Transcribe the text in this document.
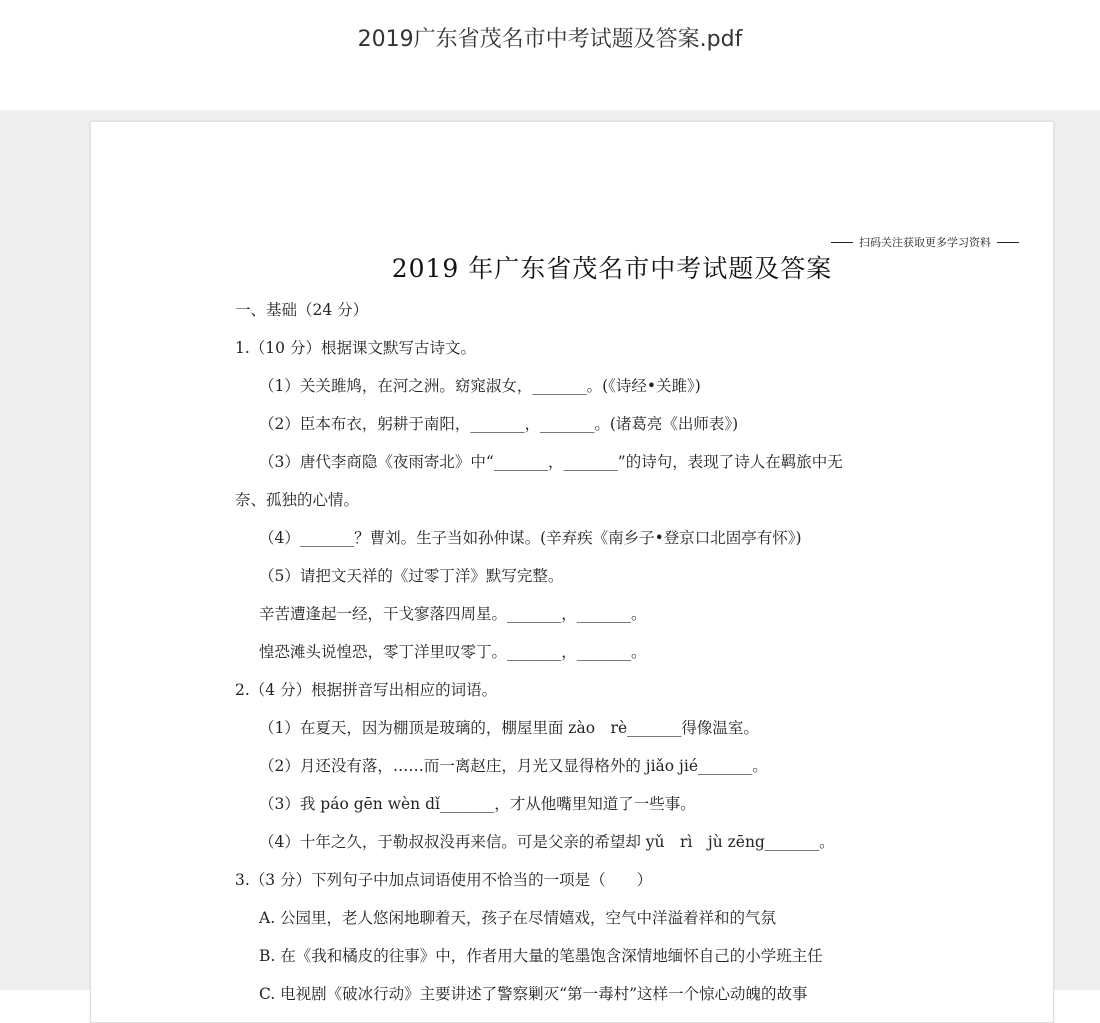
2019广东省茂名市中考试题及答案.pdf
扫码关注获取更多学习资料
2019 年广东省茂名市中考试题及答案
一、基础（24 分）
1.（10 分）根据课文默写古诗文。
（1）关关雎鸠，在河之洲。窈窕淑女，_______。(《诗经•关雎》)
（2）臣本布衣，躬耕于南阳，_______，_______。(诸葛亮《出师表》)
（3）唐代李商隐《夜雨寄北》中“_______，_______”的诗句，表现了诗人在羁旅中无
奈、孤独的心情。
（4）_______？曹刘。生子当如孙仲谋。(辛弃疾《南乡子•登京口北固亭有怀》)
（5）请把文天祥的《过零丁洋》默写完整。
辛苦遭逢起一经，干戈寥落四周星。_______，_______。
惶恐滩头说惶恐，零丁洋里叹零丁。_______，_______。
2.（4 分）根据拼音写出相应的词语。
（1）在夏天，因为棚顶是玻璃的，棚屋里面 zào　rè_______得像温室。
（2）月还没有落，……而一离赵庄，月光又显得格外的 jiǎo jié_______。
（3）我 páo gēn wèn dǐ_______，才从他嘴里知道了一些事。
（4）十年之久，于勒叔叔没再来信。可是父亲的希望却 yǔ　rì　jù zēng_______。
3.（3 分）下列句子中加点词语使用不恰当的一项是（　　）
A. 公园里，老人悠闲地聊着天，孩子在尽情嬉戏，空气中洋溢着祥和的气氛
B. 在《我和橘皮的往事》中，作者用大量的笔墨饱含深情地缅怀自己的小学班主任
C. 电视剧《破冰行动》主要讲述了警察剿灭“第一毒村”这样一个惊心动魄的故事
